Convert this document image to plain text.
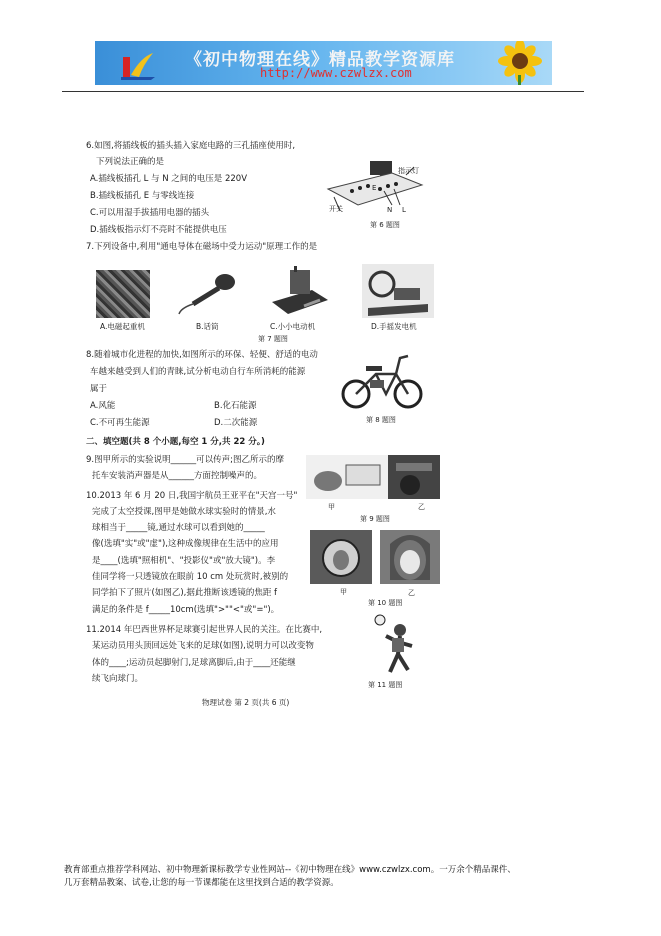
《初中物理在线》精品教学资源库
http://www.czwlzx.com
6.如图,将插线板的插头插入家庭电路的三孔插座使用时,
下列说法正确的是
A.插线板插孔 L 与 N 之间的电压是 220V
B.插线板插孔 E 与零线连接
C.可以用湿手拔插用电器的插头
D.插线板指示灯不亮时不能提供电压
指示灯
E
开关	N L
第 6 题图
7.下列设备中,利用"通电导体在磁场中受力运动"原理工作的是
A.电磁起重机	B.话筒	C.小小电动机	D.手摇发电机
第 7 题图
8.随着城市化进程的加快,如图所示的环保、轻便、舒适的电动
车越来越受到人们的青睐,试分析电动自行车所消耗的能源
属于
A.风能	B.化石能源
C.不可再生能源	D.二次能源	第 8 题图
二、填空题(共 8 个小题,每空 1 分,共 22 分。)
9.图甲所示的实验说明______可以传声;图乙所示的摩
托车安装消声器是从______方面控制噪声的。
甲	乙
第 9 题图
10.2013 年 6 月 20 日,我国宇航员王亚平在"天宫一号"
完成了太空授课,图甲是她做水球实验时的情景,水
球相当于_____镜,通过水球可以看到她的_____
像(选填"实"或"虚"),这种成像规律在生活中的应用
是____(选填"照相机"、"投影仪"或"放大镜")。李
佳同学将一只透镜放在眼前 10 cm 处玩赏时,被别的
同学拍下了照片(如图乙),据此推断该透镜的焦距 f
满足的条件是 f_____10cm(选填">""<"或"=")。
甲	乙
第 10 题图
11.2014 年巴西世界杯足球赛引起世界人民的关注。在比赛中,
某运动员用头顶回远处飞来的足球(如图),说明力可以改变物
体的____;运动员起脚射门,足球离脚后,由于____还能继
续飞向球门。
第 11 题图
物理试卷 第 2 页(共 6 页)
教育部重点推荐学科网站、初中物理新课标教学专业性网站--《初中物理在线》www.czwlzx.com。一万余个精品课件、
几万套精品教案、试卷,让您的每一节课都能在这里找到合适的教学资源。
